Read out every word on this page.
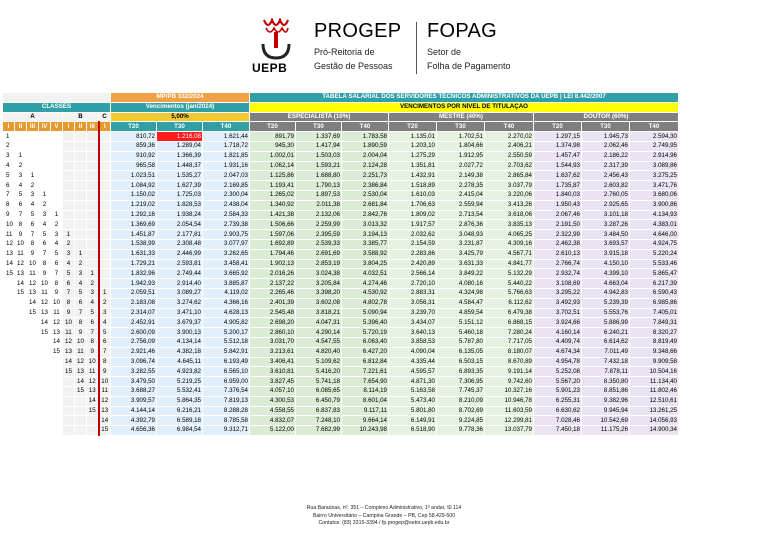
UEPB
PROGEP
Pró-Reitoria de
Gestão de Pessoas
FOPAG
Setor de
Folha de Pagamento
									MP/PB 332/2024			TABELA SALARIAL DOS SERVIDORES TÉCNICOS ADMINISTRATIVOS DA UEPB | LEI 8.442/2007								
CLASSES									Vencimentos (jan/2024)			VENCIMENTOS POR NÍVEL DE TITULAÇÃO								
A					B			C	5,00%			ESPECIALISTA (10%)			MESTRE (40%)			DOUTOR (60%)		
I	II	III	IV	V	I	II	III	I	T20	T30	T40	T20	T30	T40	T20	T30	T40	T20	T30	T40
1									810,72	1.216,08	1.621,44	891,79	1.337,69	1.783,58	1.135,01	1.702,51	2.270,02	1.297,15	1.945,73	2.594,30
2									859,36	1.289,04	1.718,72	945,30	1.417,94	1.890,59	1.203,10	1.804,66	2.406,21	1.374,98	2.062,46	2.749,95
3	1								910,92	1.366,39	1.821,85	1.002,01	1.503,03	2.004,04	1.275,29	1.912,95	2.550,59	1.457,47	2.186,22	2.914,96
4	2								965,58	1.448,37	1.931,16	1.062,14	1.593,21	2.124,28	1.351,81	2.027,72	2.703,62	1.544,93	2.317,39	3.089,86
5	3	1							1.023,51	1.535,27	2.047,03	1.125,86	1.688,80	2.251,73	1.432,91	2.149,38	2.865,84	1.637,62	2.456,43	3.275,25
6	4	2							1.084,92	1.627,39	2.169,85	1.193,41	1.790,13	2.386,84	1.518,89	2.278,35	3.037,79	1.735,87	2.603,82	3.471,76
7	5	3	1						1.150,02	1.725,03	2.300,04	1.265,02	1.897,53	2.530,04	1.610,03	2.415,04	3.220,06	1.840,03	2.760,05	3.680,06
8	6	4	2						1.219,02	1.828,53	2.438,04	1.340,92	2.011,38	2.681,84	1.706,63	2.559,94	3.413,26	1.950,43	2.925,65	3.900,86
9	7	5	3	1					1.292,16	1.938,24	2.584,33	1.421,38	2.132,06	2.842,76	1.809,02	2.713,54	3.618,06	2.067,46	3.101,18	4.134,93
10	8	6	4	2					1.369,69	2.054,54	2.739,38	1.506,66	2.259,99	3.013,32	1.917,57	2.876,36	3.835,13	2.191,50	3.287,26	4.383,01
11	9	7	5	3	1				1.451,87	2.177,81	2.903,75	1.597,06	2.395,59	3.194,13	2.032,62	3.048,93	4.065,25	2.322,99	3.484,50	4.646,00
12	10	8	6	4	2				1.538,99	2.308,48	3.077,97	1.692,89	2.539,33	3.385,77	2.154,59	3.231,87	4.309,16	2.462,38	3.693,57	4.924,75
13	11	9	7	5	3	1			1.631,33	2.446,99	3.262,65	1.794,46	2.691,69	3.588,92	2.283,86	3.425,79	4.567,71	2.610,13	3.915,18	5.220,24
14	12	10	8	6	4	2			1.729,21	2.593,81	3.458,41	1.902,13	2.853,19	3.804,25	2.420,89	3.631,33	4.841,77	2.766,74	4.150,10	5.533,46
15	13	11	9	7	5	3	1		1.832,96	2.749,44	3.665,92	2.016,26	3.024,38	4.032,51	2.566,14	3.849,22	5.132,29	2.932,74	4.399,10	5.865,47
	14	12	10	8	6	4	2		1.942,93	2.914,40	3.885,87	2.137,22	3.205,84	4.274,46	2.720,10	4.080,16	5.440,22	3.108,69	4.663,04	6.217,39
	15	13	11	9	7	5	3	1	2.059,51	3.089,27	4.119,02	2.265,46	3.398,20	4.530,92	2.883,31	4.324,98	5.766,63	3.295,22	4.942,83	6.590,43
		14	12	10	8	6	4	2	2.183,08	3.274,62	4.366,16	2.401,39	3.602,08	4.802,78	3.056,31	4.584,47	6.112,62	3.492,93	5.239,39	6.985,86
		15	13	11	9	7	5	3	2.314,07	3.471,10	4.628,13	2.545,48	3.818,21	5.090,94	3.239,70	4.859,54	6.479,38	3.702,51	5.553,76	7.405,01
			14	12	10	8	6	4	2.452,91	3.679,37	4.905,82	2.698,20	4.047,31	5.396,40	3.434,07	5.151,12	6.868,15	3.924,66	5.886,99	7.849,31
			15	13	11	9	7	5	2.600,09	3.900,13	5.200,17	2.860,10	4.290,14	5.720,19	3.640,13	5.460,18	7.280,24	4.160,14	6.240,21	8.320,27
				14	12	10	8	6	2.756,09	4.134,14	5.512,18	3.031,70	4.547,55	6.063,40	3.858,53	5.787,80	7.717,05	4.409,74	6.614,62	8.819,49
				15	13	11	9	7	2.921,46	4.382,18	5.842,91	3.213,61	4.820,40	6.427,20	4.090,04	6.135,05	8.180,07	4.674,34	7.011,49	9.348,66
					14	12	10	8	3.096,74	4.645,11	6.193,49	3.406,41	5.109,62	6.812,84	4.335,44	6.503,15	8.670,89	4.954,78	7.432,18	9.909,58
					15	13	11	9	3.282,55	4.923,82	6.565,10	3.610,81	5.416,20	7.221,61	4.595,57	6.893,35	9.191,14	5.252,08	7.878,11	10.504,16
						14	12	10	3.479,50	5.219,25	6.959,00	3.827,45	5.741,18	7.654,90	4.871,30	7.306,95	9.742,60	5.567,20	8.350,80	11.134,40
						15	13	11	3.688,27	5.532,41	7.376,54	4.057,10	6.085,65	8.114,19	5.163,58	7.745,37	10.327,16	5.901,23	8.851,86	11.802,46
							14	12	3.909,57	5.864,35	7.819,13	4.300,53	6.450,79	8.601,04	5.473,40	8.210,09	10.946,78	6.255,31	9.382,96	12.510,61
							15	13	4.144,14	6.216,21	8.288,28	4.558,55	6.837,83	9.117,11	5.801,80	8.702,69	11.603,59	6.630,62	9.945,94	13.261,25
								14	4.392,79	6.589,18	8.785,58	4.832,07	7.248,10	9.664,14	6.149,91	9.224,85	12.299,81	7.028,46	10.542,69	14.056,93
								15	4.656,36	6.984,54	9.312,71	5.122,00	7.682,99	10.243,98	6.518,90	9.778,36	13.037,79	7.450,18	11.175,26	14.900,34
Rua Baraúnas, nº. 351 – Complexo Administrativo, 1º andar, Sl 114
Bairro Universitário – Campina Grande – PB, Cep 58.429-500
Contatos: (83) 3315-3394 / fp.progep@setor.uepb.edu.br
